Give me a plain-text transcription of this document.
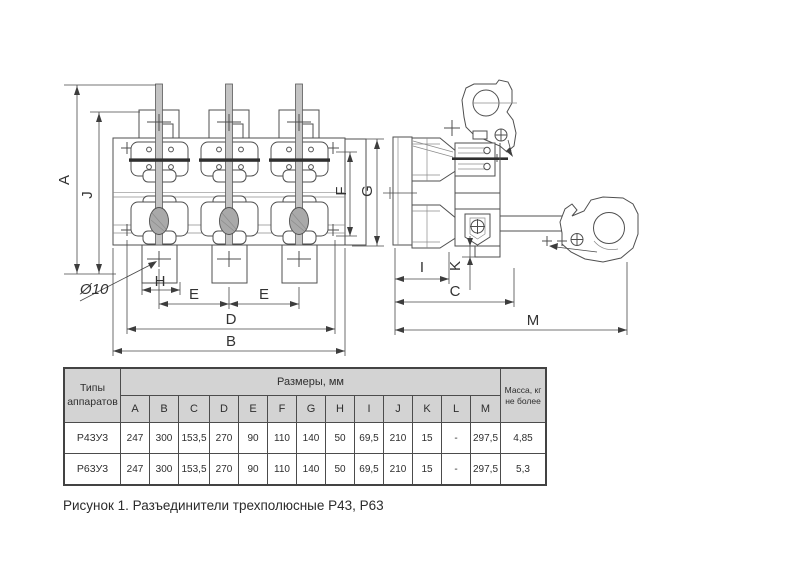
A
J
Ø10	H
E	E
D
B
F G
I K
C
M
Типы аппаратов	Размеры, мм													Масса, кг не более
	A	B	C	D	E	F	G	H	I	J	K	L	M	
Р43У3	247	300	153,5	270	90	110	140	50	69,5	210	15	-	297,5	4,85
Р63У3	247	300	153,5	270	90	110	140	50	69,5	210	15	-	297,5	5,3
Рисунок 1. Разъединители трехполюсные Р43, Р63
